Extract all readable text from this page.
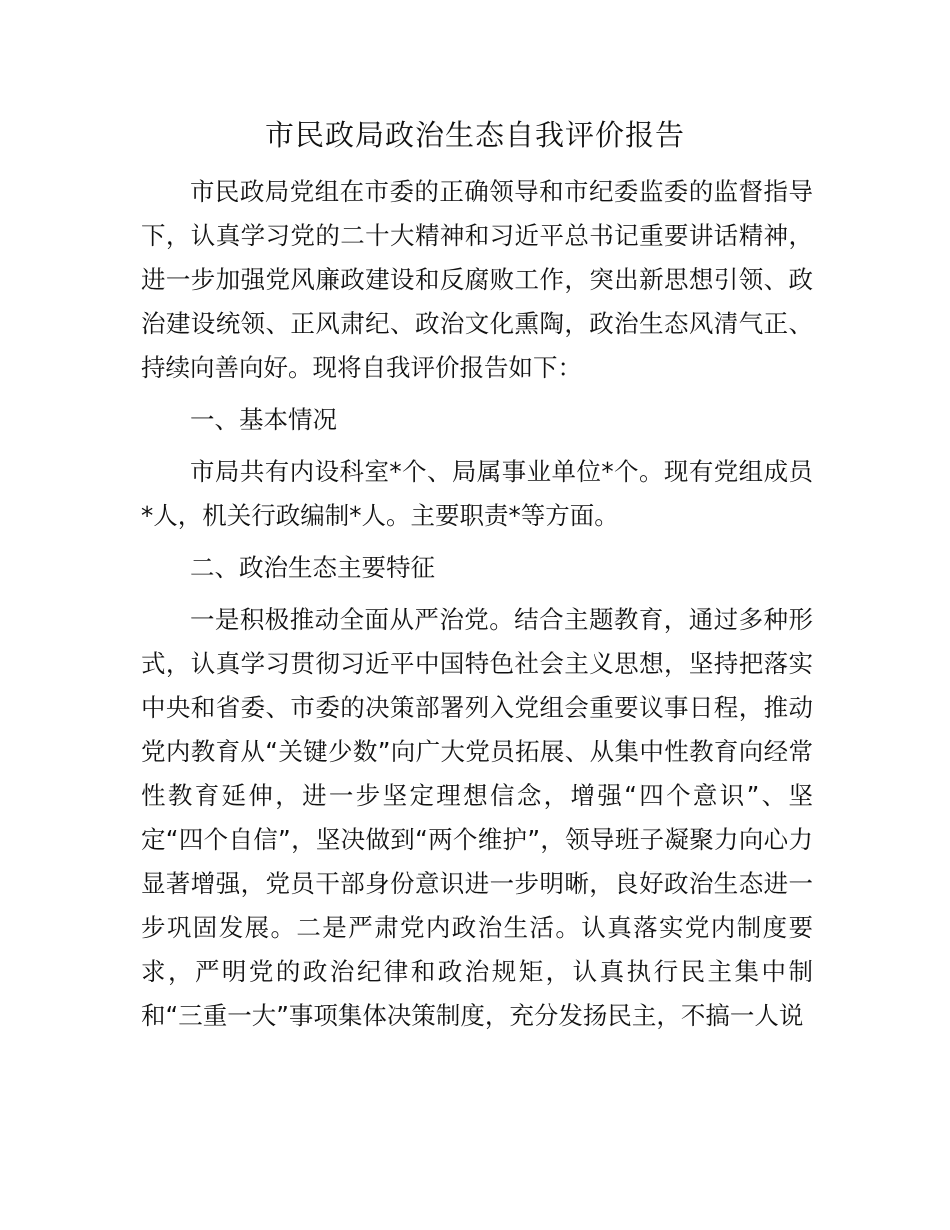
市民政局政治生态自我评价报告

市民政局党组在市委的正确领导和市纪委监委的监督指导下，认真学习党的二十大精神和习近平总书记重要讲话精神，进一步加强党风廉政建设和反腐败工作，突出新思想引领、政治建设统领、正风肃纪、政治文化熏陶，政治生态风清气正、持续向善向好。现将自我评价报告如下：

一、基本情况

市局共有内设科室*个、局属事业单位*个。现有党组成员*人，机关行政编制*人。主要职责*等方面。

二、政治生态主要特征

一是积极推动全面从严治党。结合主题教育，通过多种形式，认真学习贯彻习近平中国特色社会主义思想，坚持把落实中央和省委、市委的决策部署列入党组会重要议事日程，推动党内教育从“关键少数”向广大党员拓展、从集中性教育向经常性教育延伸，进一步坚定理想信念，增强“四个意识”、坚定“四个自信”，坚决做到“两个维护”，领导班子凝聚力向心力显著增强，党员干部身份意识进一步明晰，良好政治生态进一步巩固发展。二是严肃党内政治生活。认真落实党内制度要求，严明党的政治纪律和政治规矩，认真执行民主集中制和“三重一大”事项集体决策制度，充分发扬民主，不搞一人说
